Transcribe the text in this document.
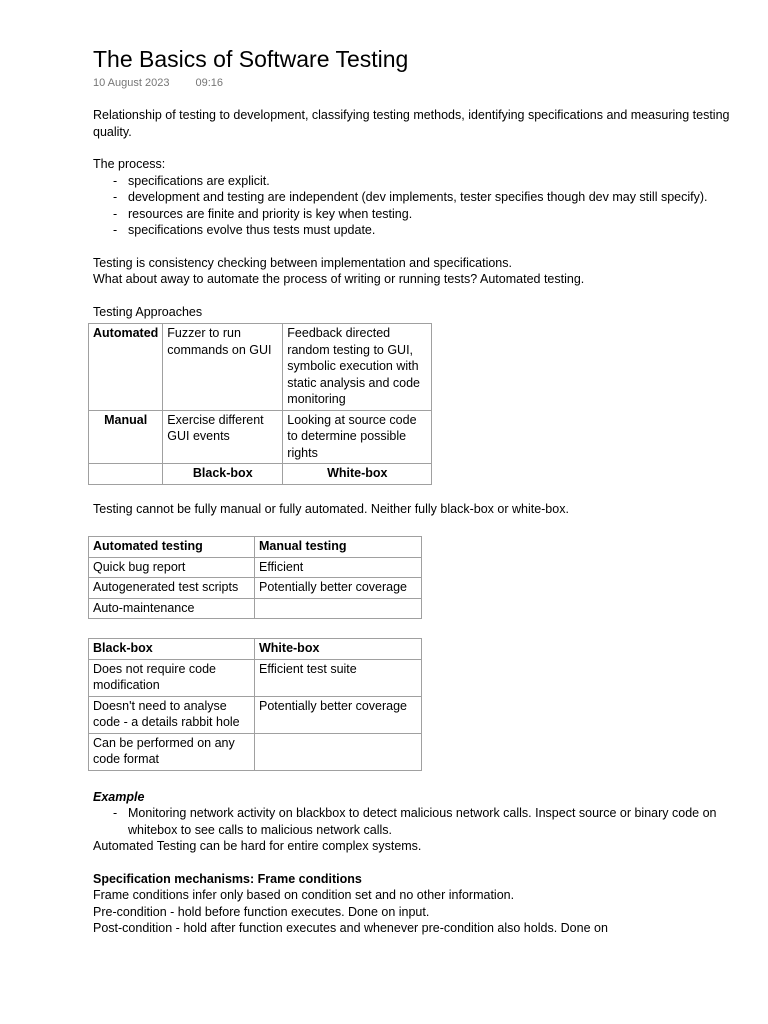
The Basics of Software Testing
10 August 2023 09:16

Relationship of testing to development, classifying testing methods, identifying specifications and measuring testing quality.

The process:

- specifications are explicit.
- development and testing are independent (dev implements, tester specifies though dev may still specify).
- resources are finite and priority is key when testing.
- specifications evolve thus tests must update.

Testing is consistency checking between implementation and specifications.

What about away to automate the process of writing or running tests? Automated testing.

Testing Approaches

Automated	Fuzzer to run commands on GUI	Feedback directed random testing to GUI, symbolic execution with static analysis and code monitoring
Manual	Exercise different GUI events	Looking at source code to determine possible rights
	Black-box	White-box

Testing cannot be fully manual or fully automated. Neither fully black-box or white-box.

Automated testing	Manual testing
Quick bug report	Efficient
Autogenerated test scripts	Potentially better coverage
Auto-maintenance	
Black-box	White-box
Does not require code modification	Efficient test suite
Doesn't need to analyse code - a details rabbit hole	Potentially better coverage
Can be performed on any code format	

Example

- Monitoring network activity on blackbox to detect malicious network calls. Inspect source or binary code on whitebox to see calls to malicious network calls.

Automated Testing can be hard for entire complex systems.

Specification mechanisms: Frame conditions

Frame conditions infer only based on condition set and no other information.

Pre-condition - hold before function executes. Done on input.

Post-condition - hold after function executes and whenever pre-condition also holds. Done on
